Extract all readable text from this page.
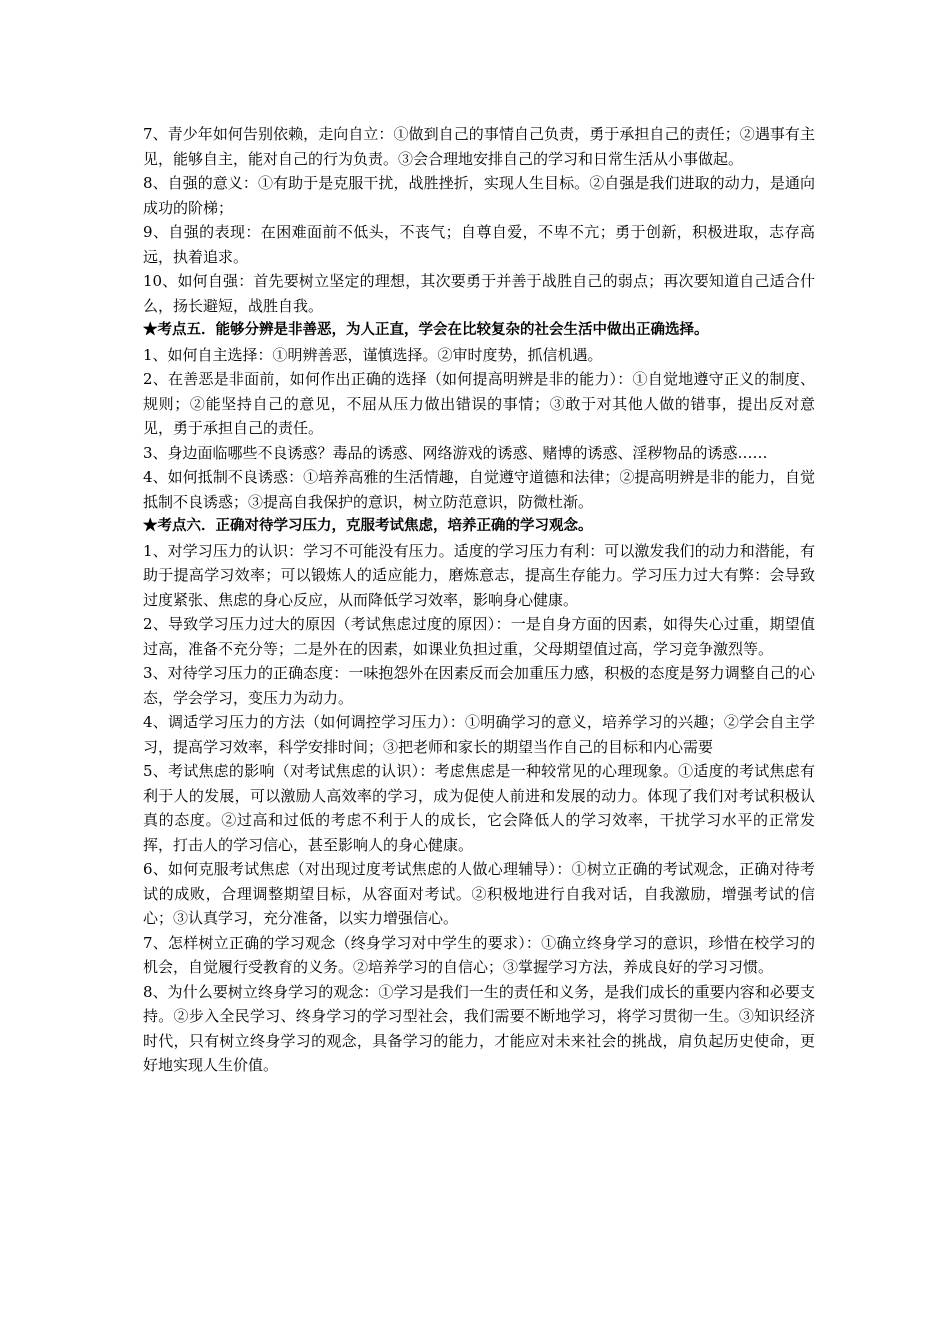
7、青少年如何告别依赖，走向自立：①做到自己的事情自己负责，勇于承担自己的责任；②遇事有主见，能够自主，能对自己的行为负责。③会合理地安排自己的学习和日常生活从小事做起。

8、自强的意义：①有助于是克服干扰，战胜挫折，实现人生目标。②自强是我们进取的动力，是通向成功的阶梯；

9、自强的表现：在困难面前不低头，不丧气；自尊自爱，不卑不亢；勇于创新，积极进取，志存高远，执着追求。

10、如何自强：首先要树立坚定的理想，其次要勇于并善于战胜自己的弱点；再次要知道自己适合什么，扬长避短，战胜自我。

★考点五．能够分辨是非善恶，为人正直，学会在比较复杂的社会生活中做出正确选择。

1、如何自主选择：①明辨善恶，谨慎选择。②审时度势，抓信机遇。

2、在善恶是非面前，如何作出正确的选择（如何提高明辨是非的能力）：①自觉地遵守正义的制度、规则；②能坚持自己的意见，不屈从压力做出错误的事情；③敢于对其他人做的错事，提出反对意见，勇于承担自己的责任。

3、身边面临哪些不良诱惑？毒品的诱惑、网络游戏的诱惑、赌博的诱惑、淫秽物品的诱惑……

4、如何抵制不良诱惑：①培养高雅的生活情趣，自觉遵守道德和法律；②提高明辨是非的能力，自觉抵制不良诱惑；③提高自我保护的意识，树立防范意识，防微杜渐。

★考点六．正确对待学习压力，克服考试焦虑，培养正确的学习观念。

1、对学习压力的认识：学习不可能没有压力。适度的学习压力有利：可以激发我们的动力和潜能，有助于提高学习效率；可以锻炼人的适应能力，磨炼意志，提高生存能力。学习压力过大有弊：会导致过度紧张、焦虑的身心反应，从而降低学习效率，影响身心健康。

2、导致学习压力过大的原因（考试焦虑过度的原因）：一是自身方面的因素，如得失心过重，期望值过高，准备不充分等；二是外在的因素，如课业负担过重，父母期望值过高，学习竞争激烈等。

3、对待学习压力的正确态度：一味抱怨外在因素反而会加重压力感，积极的态度是努力调整自己的心态，学会学习，变压力为动力。

4、调适学习压力的方法（如何调控学习压力）：①明确学习的意义，培养学习的兴趣；②学会自主学习，提高学习效率，科学安排时间；③把老师和家长的期望当作自己的目标和内心需要

5、考试焦虑的影响（对考试焦虑的认识）：考虑焦虑是一种较常见的心理现象。①适度的考试焦虑有利于人的发展，可以激励人高效率的学习，成为促使人前进和发展的动力。体现了我们对考试积极认真的态度。②过高和过低的考虑不利于人的成长，它会降低人的学习效率，干扰学习水平的正常发挥，打击人的学习信心，甚至影响人的身心健康。

6、如何克服考试焦虑（对出现过度考试焦虑的人做心理辅导）：①树立正确的考试观念，正确对待考试的成败，合理调整期望目标，从容面对考试。②积极地进行自我对话，自我激励，增强考试的信心；③认真学习，充分准备，以实力增强信心。

7、怎样树立正确的学习观念（终身学习对中学生的要求）：①确立终身学习的意识，珍惜在校学习的机会，自觉履行受教育的义务。②培养学习的自信心；③掌握学习方法，养成良好的学习习惯。

8、为什么要树立终身学习的观念：①学习是我们一生的责任和义务，是我们成长的重要内容和必要支持。②步入全民学习、终身学习的学习型社会，我们需要不断地学习，将学习贯彻一生。③知识经济时代，只有树立终身学习的观念，具备学习的能力，才能应对未来社会的挑战，肩负起历史使命，更好地实现人生价值。
